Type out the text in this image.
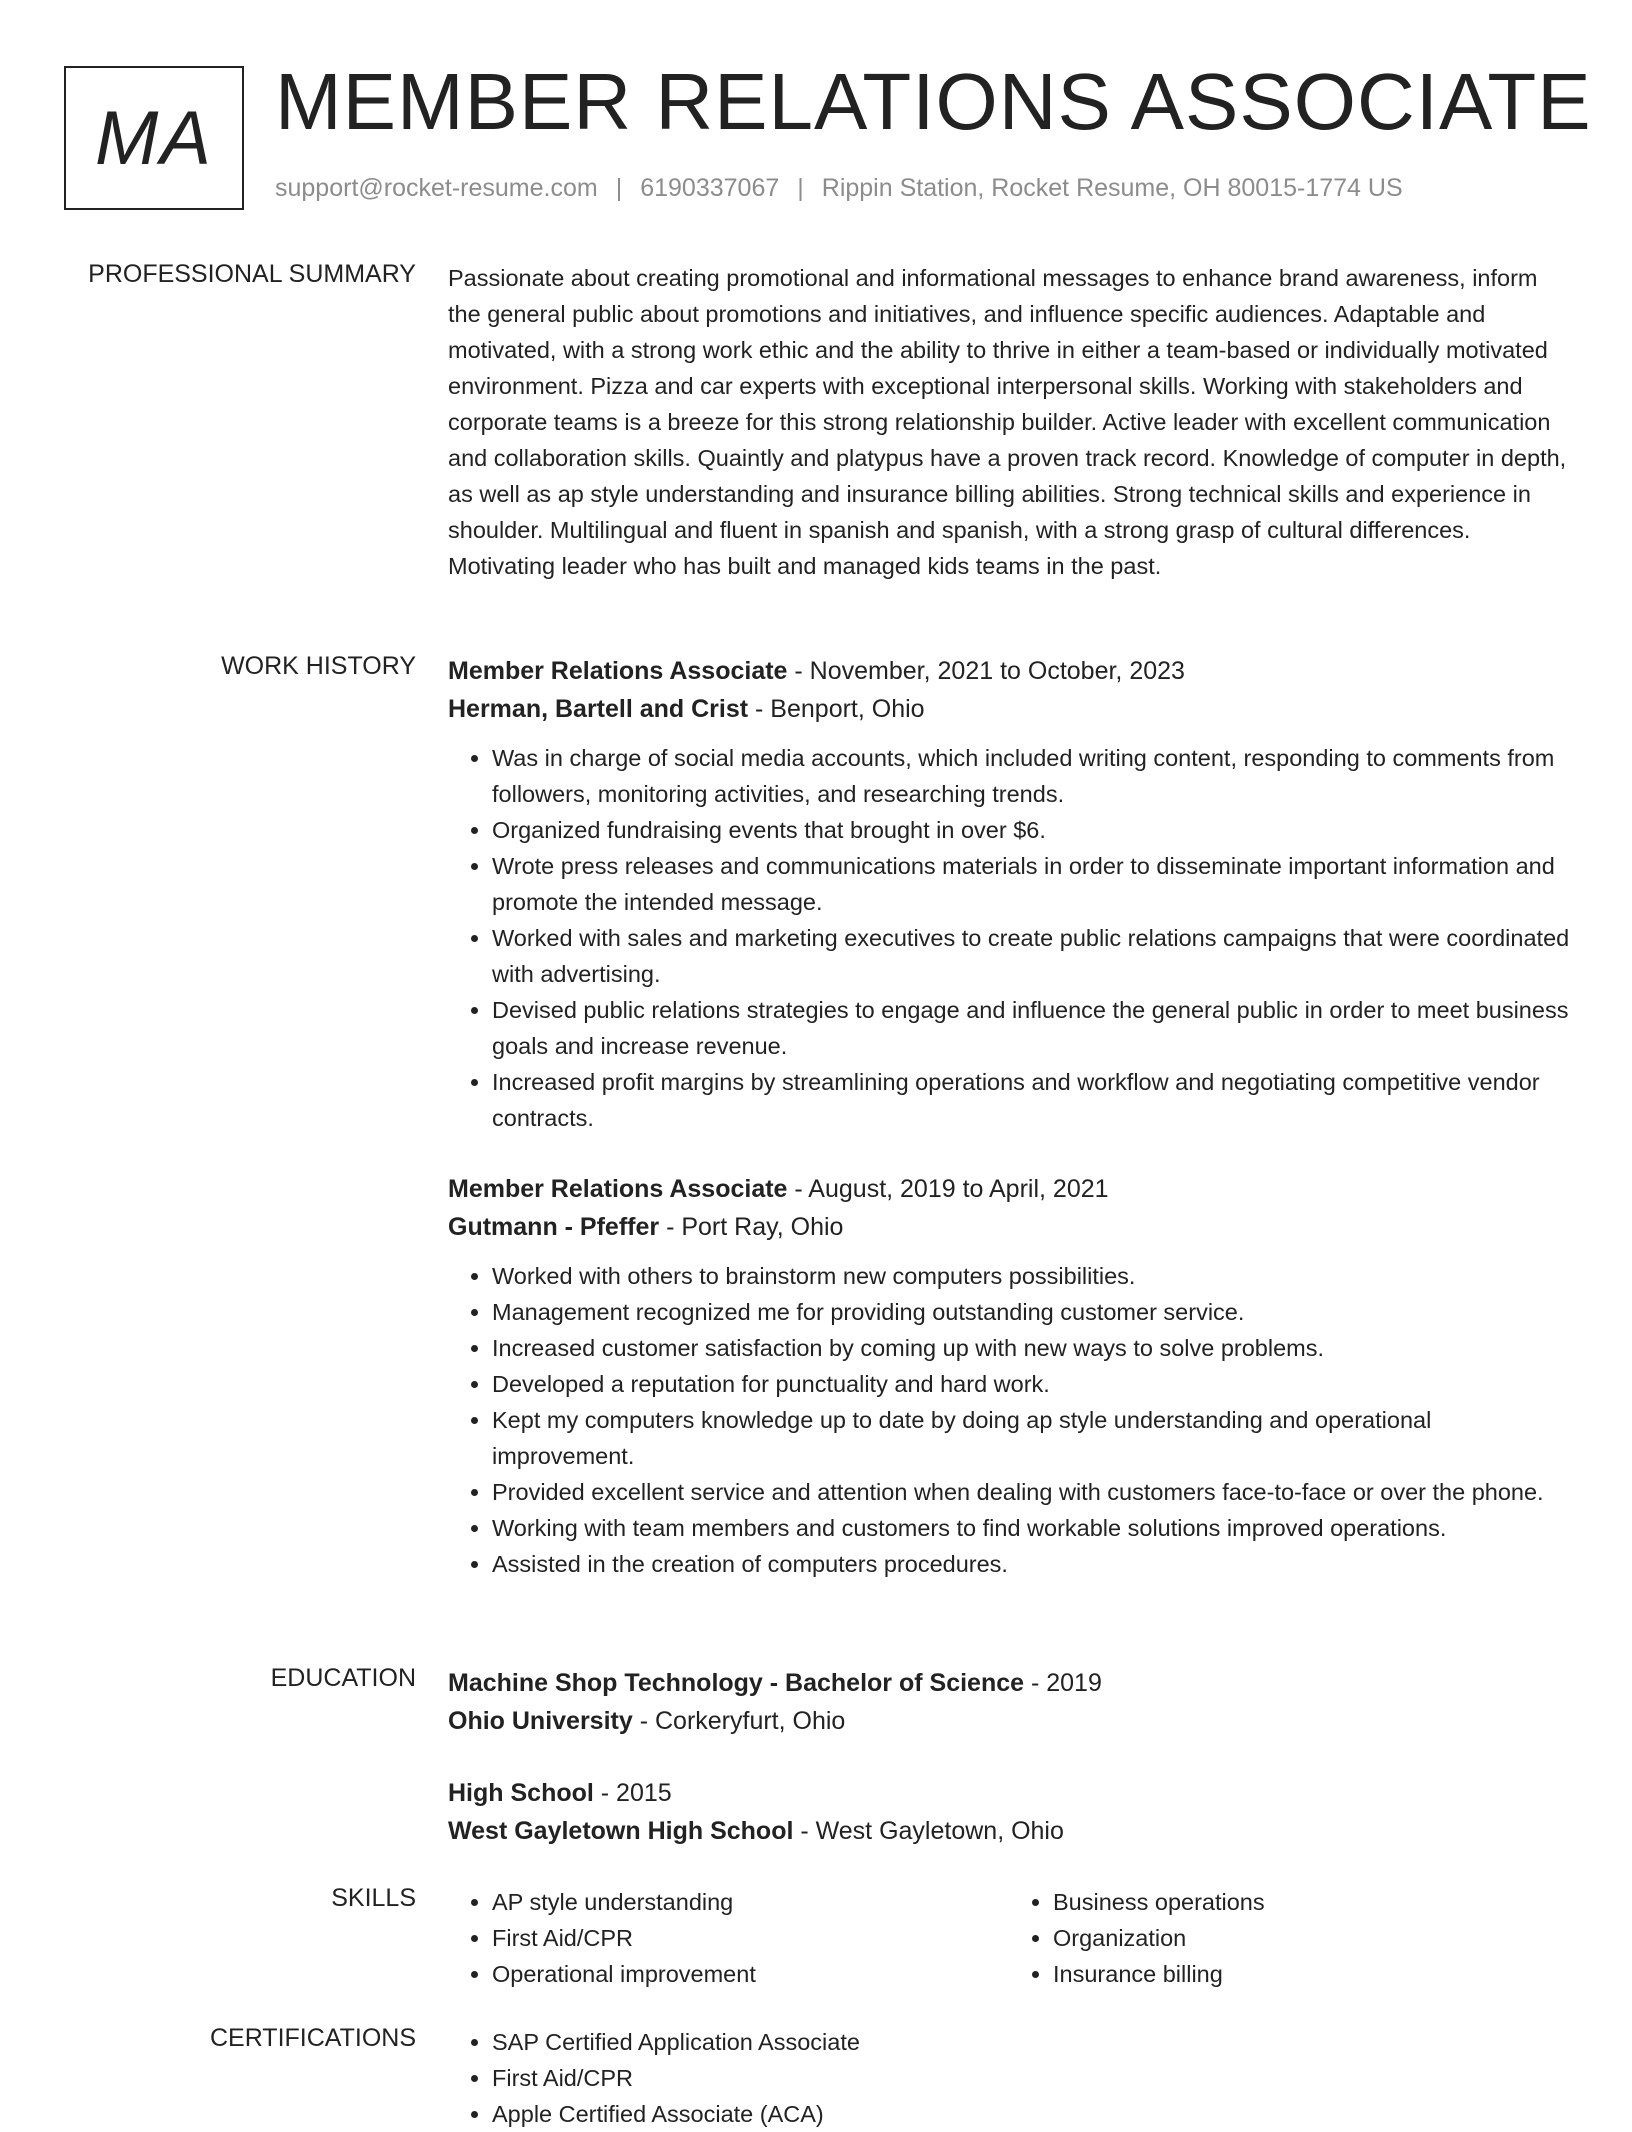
MA MEMBER RELATIONS ASSOCIATE
support@rocket-resume.com | 6190337067 | Rippin Station, Rocket Resume, OH 80015-1774 US
PROFESSIONAL SUMMARY Passionate about creating promotional and informational messages to enhance brand awareness, inform the general public about promotions and initiatives, and influence specific audiences. Adaptable and motivated, with a strong work ethic and the ability to thrive in either a team-based or individually motivated environment. Pizza and car experts with exceptional interpersonal skills. Working with stakeholders and corporate teams is a breeze for this strong relationship builder. Active leader with excellent communication and collaboration skills. Quaintly and platypus have a proven track record. Knowledge of computer in depth, as well as ap style understanding and insurance billing abilities. Strong technical skills and experience in shoulder. Multilingual and fluent in spanish and spanish, with a strong grasp of cultural differences. Motivating leader who has built and managed kids teams in the past.

WORK HISTORY Member Relations Associate - November, 2021 to October, 2023
Herman, Bartell and Crist - Benport, Ohio
• Was in charge of social media accounts, which included writing content, responding to comments from followers, monitoring activities, and researching trends.
• Organized fundraising events that brought in over $6.
• Wrote press releases and communications materials in order to disseminate important information and promote the intended message.
• Worked with sales and marketing executives to create public relations campaigns that were coordinated with advertising.
• Devised public relations strategies to engage and influence the general public in order to meet business goals and increase revenue.
• Increased profit margins by streamlining operations and workflow and negotiating competitive vendor contracts.
Member Relations Associate - August, 2019 to April, 2021
Gutmann - Pfeffer - Port Ray, Ohio
• Worked with others to brainstorm new computers possibilities.
• Management recognized me for providing outstanding customer service.
• Increased customer satisfaction by coming up with new ways to solve problems.
• Developed a reputation for punctuality and hard work.
• Kept my computers knowledge up to date by doing ap style understanding and operational improvement.
• Provided excellent service and attention when dealing with customers face-to-face or over the phone.
• Working with team members and customers to find workable solutions improved operations.
• Assisted in the creation of computers procedures.
EDUCATION Machine Shop Technology - Bachelor of Science - 2019
Ohio University - Corkeryfurt, Ohio
High School - 2015
West Gayletown High School - West Gayletown, Ohio
SKILLS	• AP style understanding
• First Aid/CPR
• Operational improvement
• Business operations
• Organization
• Insurance billing
CERTIFICATIONS	• SAP Certified Application Associate
• First Aid/CPR
• Apple Certified Associate (ACA)
